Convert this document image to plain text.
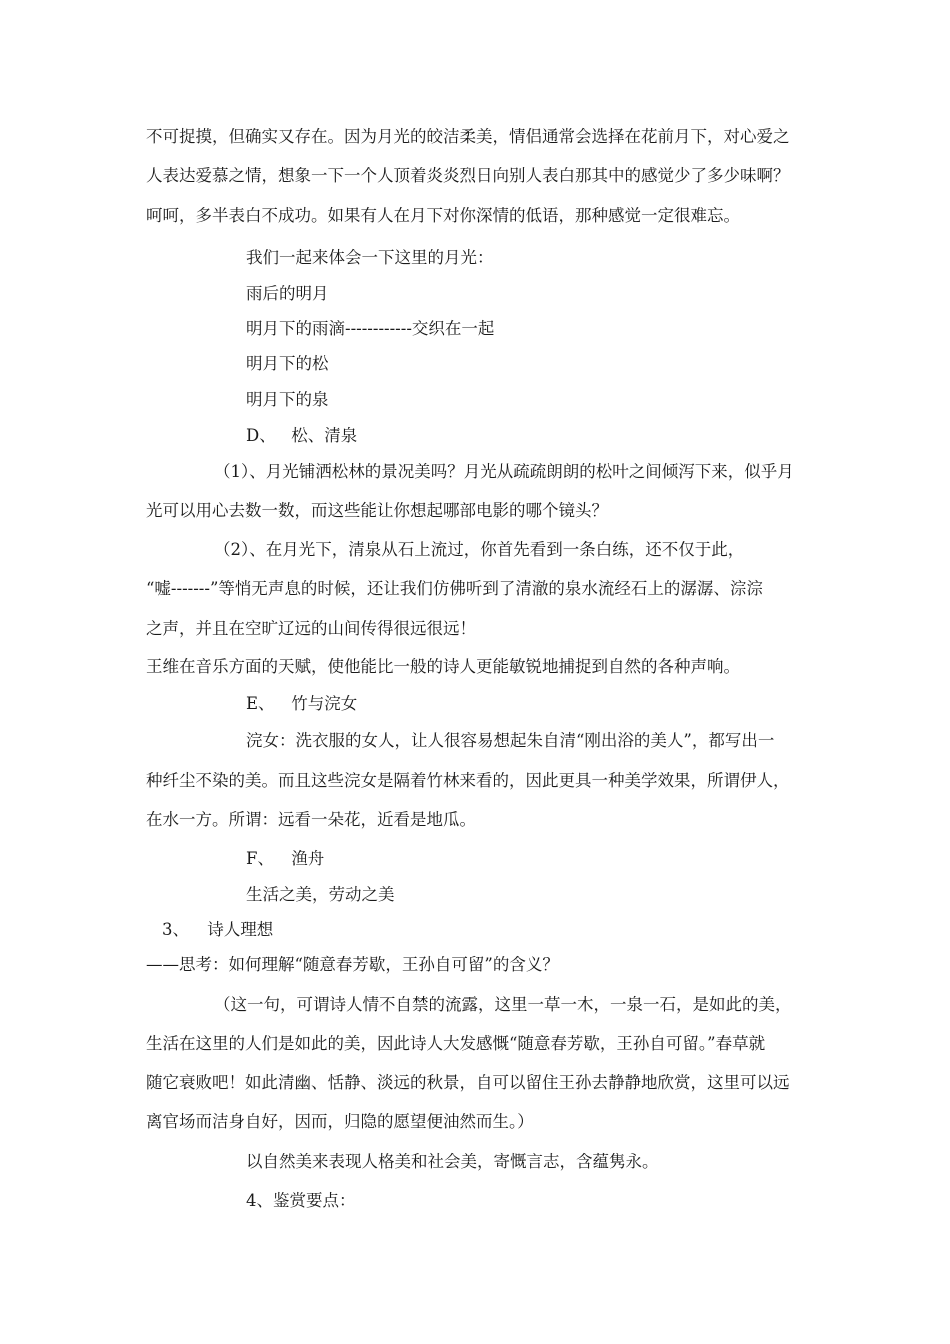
不可捉摸，但确实又存在。因为月光的皎洁柔美，情侣通常会选择在花前月下，对心爱之
人表达爱慕之情，想象一下一个人顶着炎炎烈日向别人表白那其中的感觉少了多少味啊？
呵呵，多半表白不成功。如果有人在月下对你深情的低语，那种感觉一定很难忘。
我们一起来体会一下这里的月光：
雨后的明月
明月下的雨滴------------交织在一起
明月下的松
明月下的泉
D、 松、清泉
（1）、月光铺洒松林的景况美吗？月光从疏疏朗朗的松叶之间倾泻下来，似乎月
光可以用心去数一数，而这些能让你想起哪部电影的哪个镜头？
（2）、在月光下，清泉从石上流过，你首先看到一条白练，还不仅于此，
“嘘-------”等悄无声息的时候，还让我们仿佛听到了清澈的泉水流经石上的潺潺、淙淙
之声，并且在空旷辽远的山间传得很远很远！
王维在音乐方面的天赋，使他能比一般的诗人更能敏锐地捕捉到自然的各种声响。
E、 竹与浣女
浣女：洗衣服的女人，让人很容易想起朱自清“刚出浴的美人”，都写出一
种纤尘不染的美。而且这些浣女是隔着竹林来看的，因此更具一种美学效果，所谓伊人，
在水一方。所谓：远看一朵花，近看是地瓜。
F、 渔舟
生活之美，劳动之美
3、 诗人理想
——思考：如何理解“随意春芳歇，王孙自可留”的含义？
（这一句，可谓诗人情不自禁的流露，这里一草一木，一泉一石，是如此的美，
生活在这里的人们是如此的美，因此诗人大发感慨“随意春芳歇，王孙自可留。”春草就
随它衰败吧！如此清幽、恬静、淡远的秋景，自可以留住王孙去静静地欣赏，这里可以远
离官场而洁身自好，因而，归隐的愿望便油然而生。）
以自然美来表现人格美和社会美，寄慨言志，含蕴隽永。
4、鉴赏要点：
